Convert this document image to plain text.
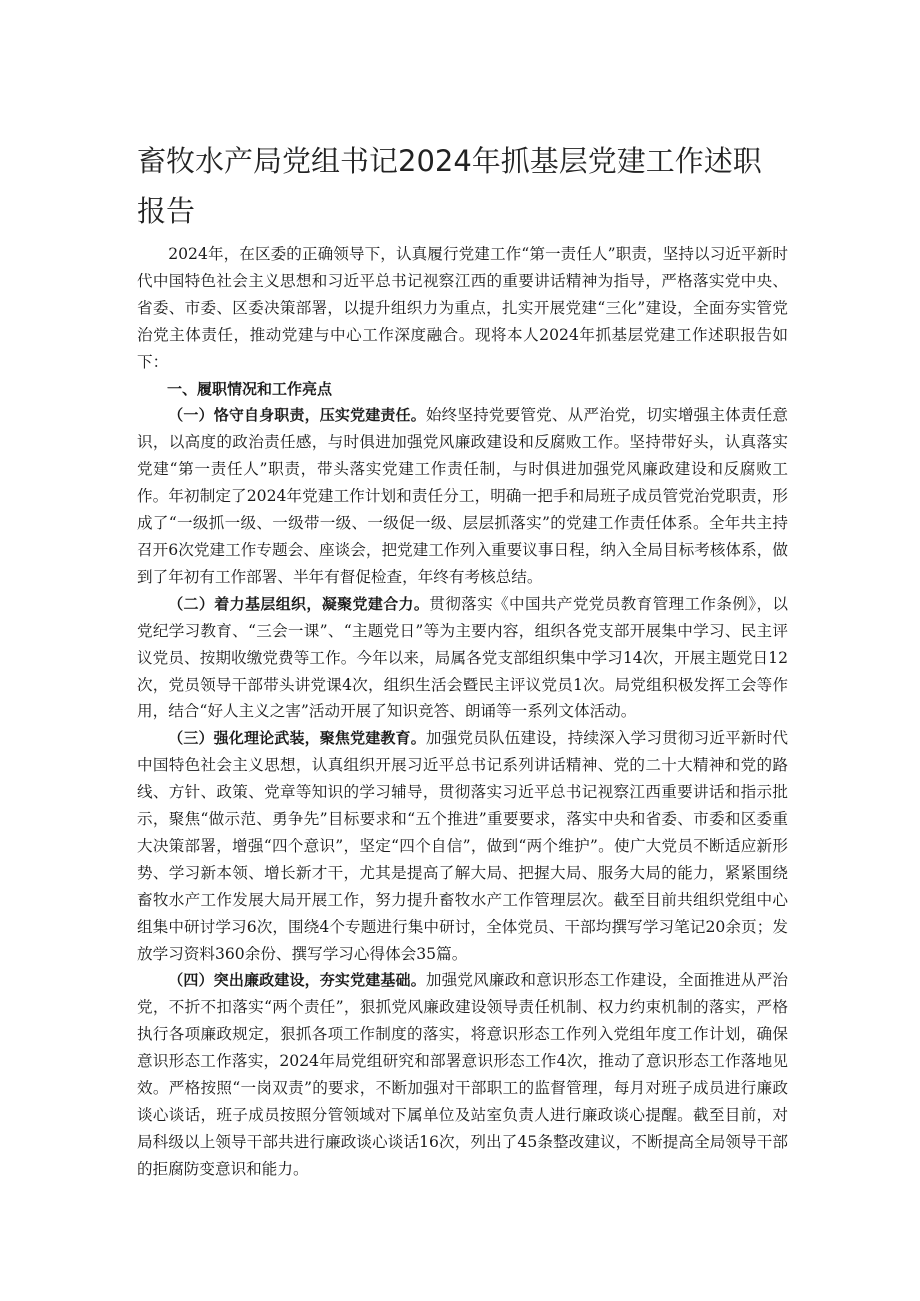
畜牧水产局党组书记2024年抓基层党建工作述职报告

2024年，在区委的正确领导下，认真履行党建工作“第一责任人”职责，坚持以习近平新时代中国特色社会主义思想和习近平总书记视察江西的重要讲话精神为指导，严格落实党中央、省委、市委、区委决策部署，以提升组织力为重点，扎实开展党建“三化”建设，全面夯实管党治党主体责任，推动党建与中心工作深度融合。现将本人2024年抓基层党建工作述职报告如下：

一、履职情况和工作亮点

（一）恪守自身职责，压实党建责任。始终坚持党要管党、从严治党，切实增强主体责任意识，以高度的政治责任感，与时俱进加强党风廉政建设和反腐败工作。坚持带好头，认真落实党建“第一责任人”职责，带头落实党建工作责任制，与时俱进加强党风廉政建设和反腐败工作。年初制定了2024年党建工作计划和责任分工，明确一把手和局班子成员管党治党职责，形成了“一级抓一级、一级带一级、一级促一级、层层抓落实”的党建工作责任体系。全年共主持召开6次党建工作专题会、座谈会，把党建工作列入重要议事日程，纳入全局目标考核体系，做到了年初有工作部署、半年有督促检查，年终有考核总结。

（二）着力基层组织，凝聚党建合力。贯彻落实《中国共产党党员教育管理工作条例》，以党纪学习教育、“三会一课”、“主题党日”等为主要内容，组织各党支部开展集中学习、民主评议党员、按期收缴党费等工作。今年以来，局属各党支部组织集中学习14次，开展主题党日12次，党员领导干部带头讲党课4次，组织生活会暨民主评议党员1次。局党组积极发挥工会等作用，结合“好人主义之害”活动开展了知识竞答、朗诵等一系列文体活动。

（三）强化理论武装，聚焦党建教育。加强党员队伍建设，持续深入学习贯彻习近平新时代中国特色社会主义思想，认真组织开展习近平总书记系列讲话精神、党的二十大精神和党的路线、方针、政策、党章等知识的学习辅导，贯彻落实习近平总书记视察江西重要讲话和指示批示，聚焦“做示范、勇争先”目标要求和“五个推进”重要要求，落实中央和省委、市委和区委重大决策部署，增强“四个意识”，坚定“四个自信”，做到“两个维护”。使广大党员不断适应新形势、学习新本领、增长新才干，尤其是提高了解大局、把握大局、服务大局的能力，紧紧围绕畜牧水产工作发展大局开展工作，努力提升畜牧水产工作管理层次。截至目前共组织党组中心组集中研讨学习6次，围绕4个专题进行集中研讨，全体党员、干部均撰写学习笔记20余页；发放学习资料360余份、撰写学习心得体会35篇。

（四）突出廉政建设，夯实党建基础。加强党风廉政和意识形态工作建设，全面推进从严治党，不折不扣落实“两个责任”，狠抓党风廉政建设领导责任机制、权力约束机制的落实，严格执行各项廉政规定，狠抓各项工作制度的落实，将意识形态工作列入党组年度工作计划，确保意识形态工作落实，2024年局党组研究和部署意识形态工作4次，推动了意识形态工作落地见效。严格按照“一岗双责”的要求，不断加强对干部职工的监督管理，每月对班子成员进行廉政谈心谈话，班子成员按照分管领域对下属单位及站室负责人进行廉政谈心提醒。截至目前，对局科级以上领导干部共进行廉政谈心谈话16次，列出了45条整改建议，不断提高全局领导干部的拒腐防变意识和能力。
